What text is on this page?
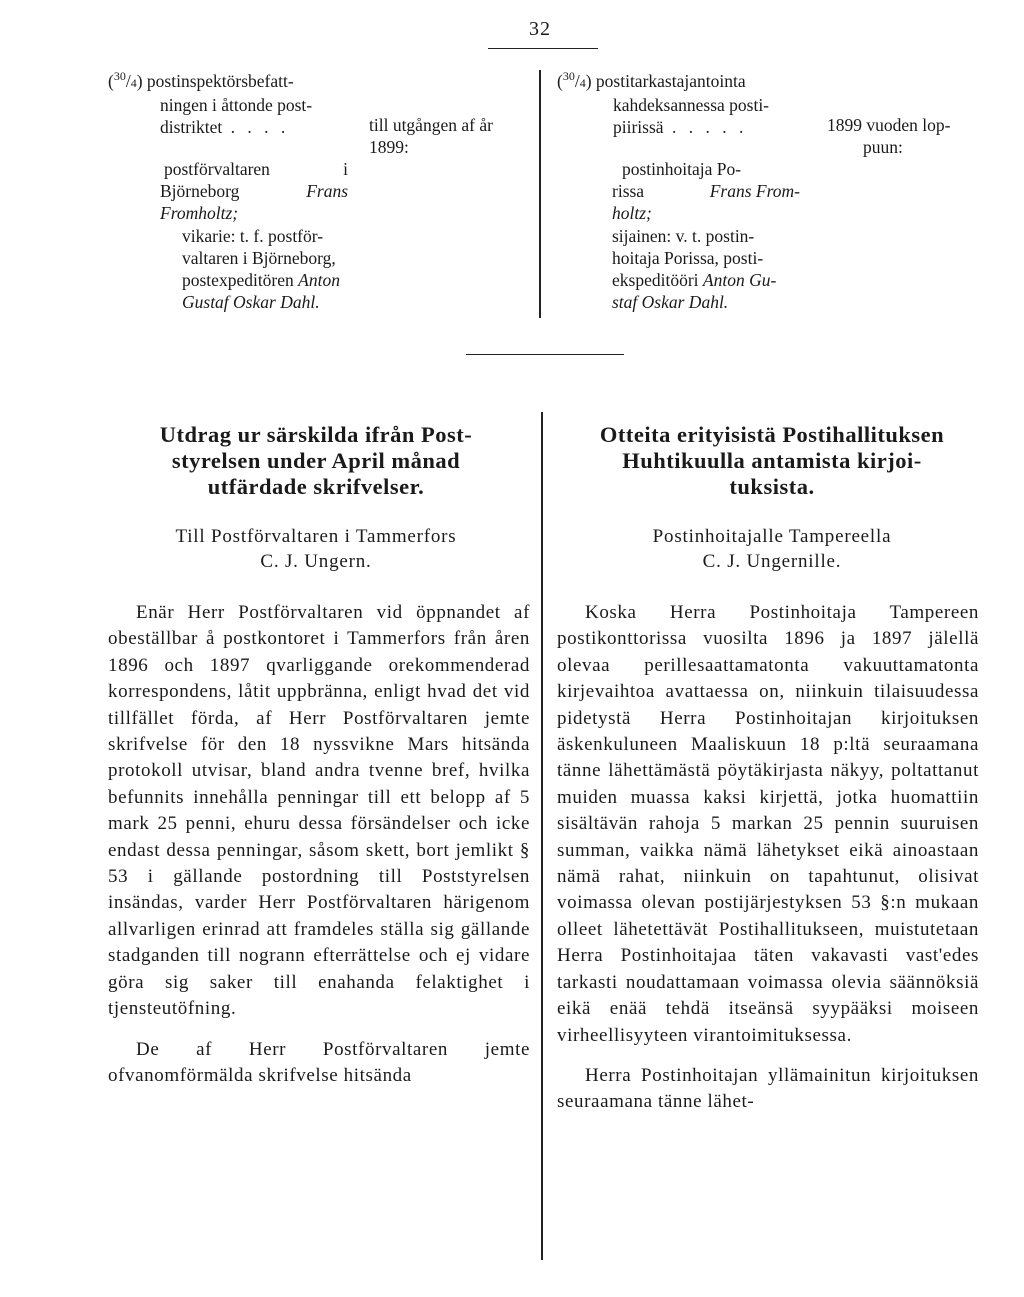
32
($^{30}$/4) postinspektörsbefatt-
ningen i åttonde post-
distriktet . . . .
postförvaltaren i
Björneborg	Frans
Fromholtz;
vikarie: t. f. postför-
valtaren i Björneborg,
postexpeditören Anton
Gustaf Oskar Dahl.
till utgången af år
1899:
($^{30}$/4) postitarkastajantointa
kahdeksannessa posti-
piirissä . . . . .
postinhoitaja Po-
rissa	Frans From-
holtz;
sijainen: v. t. postin-
hoitaja Porissa, posti-
ekspeditööri Anton Gu-
staf Oskar Dahl.
1899 vuoden lop-
puun:
Utdrag ur särskilda ifrån Post-
styrelsen under April månad
utfärdade skrifvelser.
Till Postförvaltaren i Tammerfors
C. J. Ungern.

Enär Herr Postförvaltaren vid öppnandet af obeställbar å postkontoret i Tammerfors från åren 1896 och 1897 qvarliggande orekommenderad korrespondens, låtit uppbränna, enligt hvad det vid tillfället förda, af Herr Postförvaltaren jemte skrifvelse för den 18 nyssvikne Mars hitsända protokoll utvisar, bland andra tvenne bref, hvilka befunnits innehålla penningar till ett belopp af 5 mark 25 penni, ehuru dessa försändelser och icke endast dessa penningar, såsom skett, bort jemlikt § 53 i gällande postordning till Poststyrelsen insändas, varder Herr Postförvaltaren härigenom allvarligen erinrad att framdeles ställa sig gällande stadganden till nogrann efterrättelse och ej vidare göra sig saker till enahanda felaktighet i tjensteutöfning.

De af Herr Postförvaltaren jemte ofvanomförmälda skrifvelse hitsända

Otteita erityisistä Postihallituksen
Huhtikuulla antamista kirjoi-
tuksista.
Postinhoitajalle Tampereella
C. J. Ungernille.

Koska Herra Postinhoitaja Tampereen postikonttorissa vuosilta 1896 ja 1897 jälellä olevaa perillesaattamatonta vakuuttamatonta kirjevaihtoa avattaessa on, niinkuin tilaisuudessa pidetystä Herra Postinhoitajan kirjoituksen äskenkuluneen Maaliskuun 18 p:ltä seuraamana tänne lähettämästä pöytäkirjasta näkyy, poltattanut muiden muassa kaksi kirjettä, jotka huomattiin sisältävän rahoja 5 markan 25 pennin suuruisen summan, vaikka nämä lähetykset eikä ainoastaan nämä rahat, niinkuin on tapahtunut, olisivat voimassa olevan postijärjestyksen 53 §:n mukaan olleet lähetettävät Postihallitukseen, muistutetaan Herra Postinhoitajaa täten vakavasti vast'edes tarkasti noudattamaan voimassa olevia säännöksiä eikä enää tehdä itseänsä syypääksi moiseen virheellisyyteen virantoimituksessa.

Herra Postinhoitajan yllämainitun kirjoituksen seuraamana tänne lähet-
